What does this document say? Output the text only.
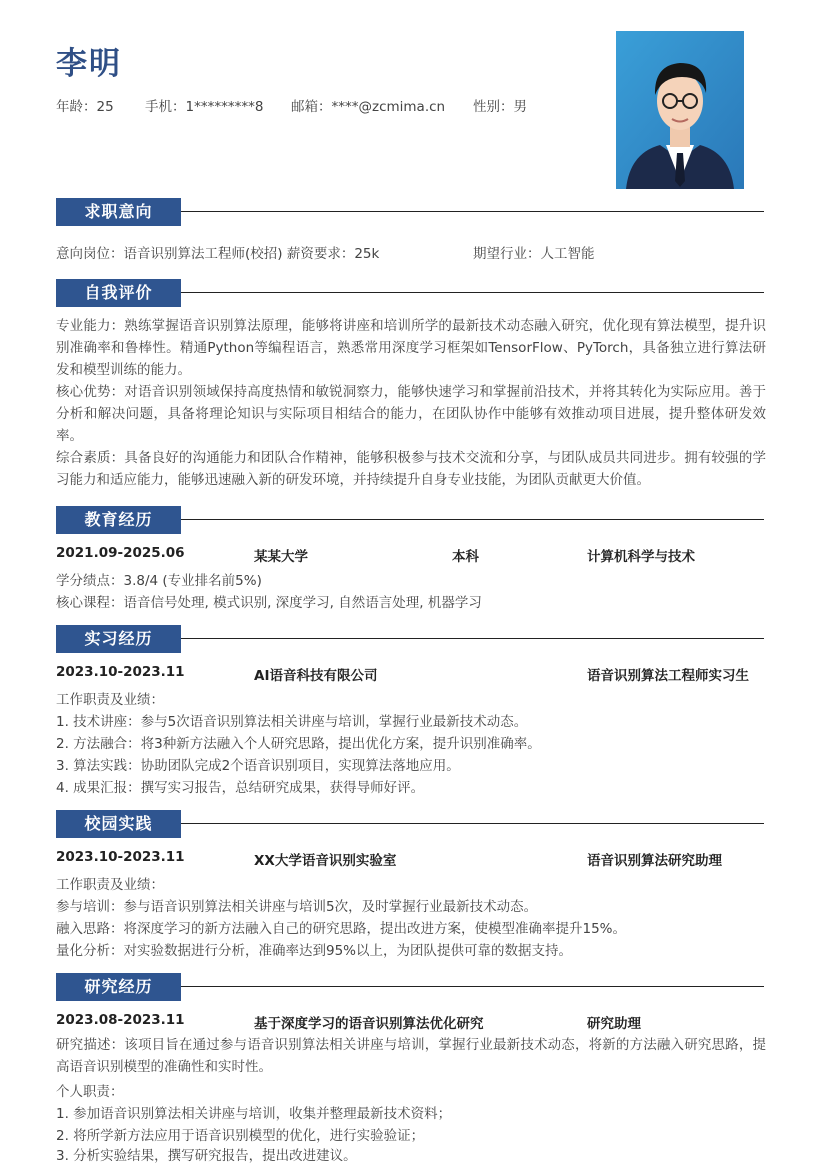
李明
年龄：25 手机：1*********8 邮箱：****@zcmima.cn 性别：男
求职意向
意向岗位：语音识别算法工程师(校招) 薪资要求：25k	期望行业：人工智能
自我评价
专业能力：熟练掌握语音识别算法原理，能够将讲座和培训所学的最新技术动态融入研究，优化现有算法模型，提升识别准确率和鲁棒性。精通Python等编程语言，熟悉常用深度学习框架如TensorFlow、PyTorch，具备独立进行算法研发和模型训练的能力。
核心优势：对语音识别领域保持高度热情和敏锐洞察力，能够快速学习和掌握前沿技术，并将其转化为实际应用。善于分析和解决问题，具备将理论知识与实际项目相结合的能力，在团队协作中能够有效推动项目进展，提升整体研发效率。
综合素质：具备良好的沟通能力和团队合作精神，能够积极参与技术交流和分享，与团队成员共同进步。拥有较强的学习能力和适应能力，能够迅速融入新的研发环境，并持续提升自身专业技能，为团队贡献更大价值。
教育经历
2021.09-2025.06	某某大学	本科	计算机科学与技术
学分绩点：3.8/4 (专业排名前5%)
核心课程：语音信号处理, 模式识别, 深度学习, 自然语言处理, 机器学习
实习经历
2023.10-2023.11	AI语音科技有限公司	语音识别算法工程师实习生
工作职责及业绩：
1. 技术讲座：参与5次语音识别算法相关讲座与培训，掌握行业最新技术动态。
2. 方法融合：将3种新方法融入个人研究思路，提出优化方案，提升识别准确率。
3. 算法实践：协助团队完成2个语音识别项目，实现算法落地应用。
4. 成果汇报：撰写实习报告，总结研究成果，获得导师好评。
校园实践
2023.10-2023.11	XX大学语音识别实验室	语音识别算法研究助理
工作职责及业绩：
参与培训：参与语音识别算法相关讲座与培训5次，及时掌握行业最新技术动态。
融入思路：将深度学习的新方法融入自己的研究思路，提出改进方案，使模型准确率提升15%。
量化分析：对实验数据进行分析，准确率达到95%以上，为团队提供可靠的数据支持。
研究经历
2023.08-2023.11	基于深度学习的语音识别算法优化研究	研究助理
研究描述：该项目旨在通过参与语音识别算法相关讲座与培训，掌握行业最新技术动态，将新的方法融入研究思路，提高语音识别模型的准确性和实时性。
个人职责：
1. 参加语音识别算法相关讲座与培训，收集并整理最新技术资料；
2. 将所学新方法应用于语音识别模型的优化，进行实验验证；
3. 分析实验结果，撰写研究报告，提出改进建议。
